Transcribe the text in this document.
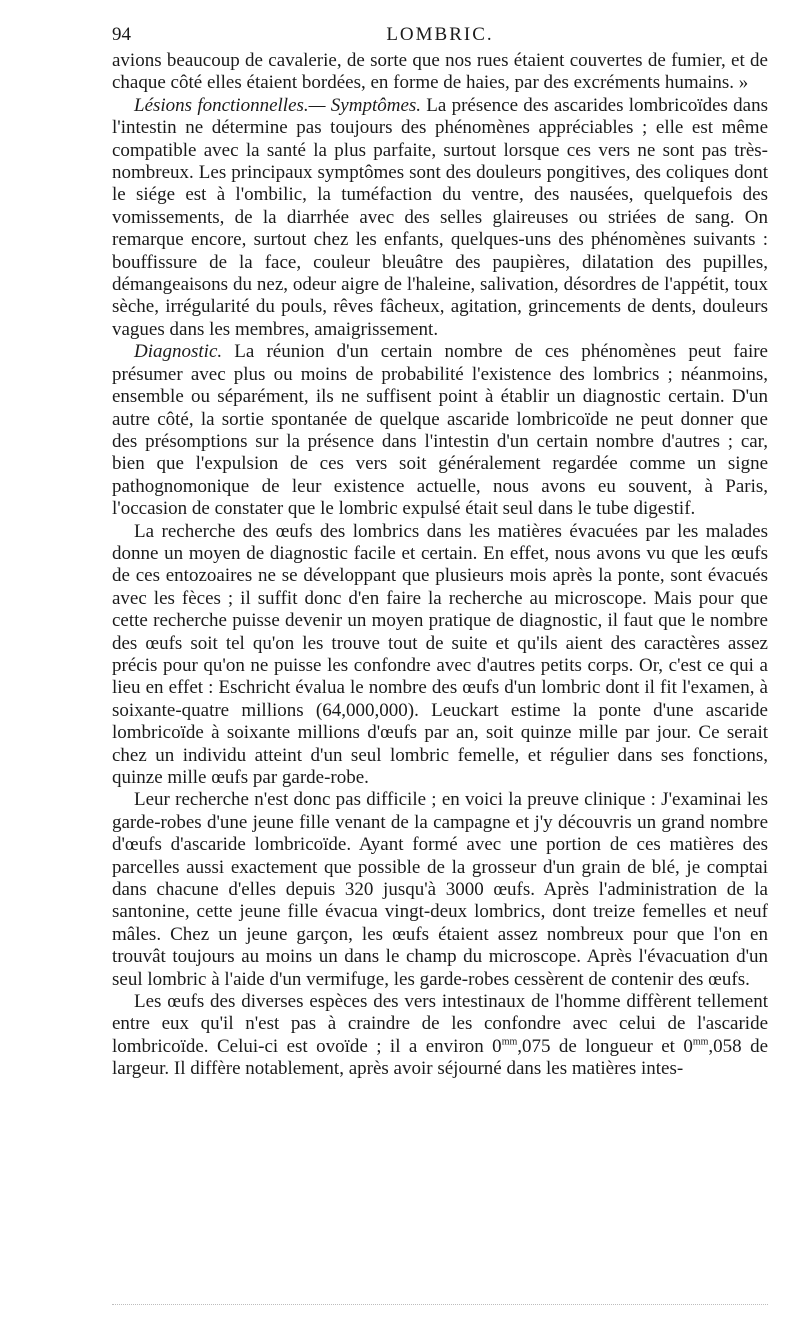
94	LOMBRIC.

avions beaucoup de cavalerie, de sorte que nos rues étaient couvertes de fumier, et de chaque côté elles étaient bordées, en forme de haies, par des excréments humains. »

Lésions fonctionnelles.— Symptômes. La présence des ascarides lombricoïdes dans l'intestin ne détermine pas toujours des phénomènes appréciables ; elle est même compatible avec la santé la plus parfaite, surtout lorsque ces vers ne sont pas très-nombreux. Les principaux symptômes sont des douleurs pongitives, des coliques dont le siége est à l'ombilic, la tuméfaction du ventre, des nausées, quelquefois des vomissements, de la diarrhée avec des selles glaireuses ou striées de sang. On remarque encore, surtout chez les enfants, quelques-uns des phénomènes suivants : bouffissure de la face, couleur bleuâtre des paupières, dilatation des pupilles, démangeaisons du nez, odeur aigre de l'haleine, salivation, désordres de l'appétit, toux sèche, irrégularité du pouls, rêves fâcheux, agitation, grincements de dents, douleurs vagues dans les membres, amaigrissement.

Diagnostic. La réunion d'un certain nombre de ces phénomènes peut faire présumer avec plus ou moins de probabilité l'existence des lombrics ; néanmoins, ensemble ou séparément, ils ne suffisent point à établir un diagnostic certain. D'un autre côté, la sortie spontanée de quelque ascaride lombricoïde ne peut donner que des présomptions sur la présence dans l'intestin d'un certain nombre d'autres ; car, bien que l'expulsion de ces vers soit généralement regardée comme un signe pathognomonique de leur existence actuelle, nous avons eu souvent, à Paris, l'occasion de constater que le lombric expulsé était seul dans le tube digestif.

La recherche des œufs des lombrics dans les matières évacuées par les malades donne un moyen de diagnostic facile et certain. En effet, nous avons vu que les œufs de ces entozoaires ne se développant que plusieurs mois après la ponte, sont évacués avec les fèces ; il suffit donc d'en faire la recherche au microscope. Mais pour que cette recherche puisse devenir un moyen pratique de diagnostic, il faut que le nombre des œufs soit tel qu'on les trouve tout de suite et qu'ils aient des caractères assez précis pour qu'on ne puisse les confondre avec d'autres petits corps. Or, c'est ce qui a lieu en effet : Eschricht évalua le nombre des œufs d'un lombric dont il fit l'examen, à soixante-quatre millions (64,000,000). Leuckart estime la ponte d'une ascaride lombricoïde à soixante millions d'œufs par an, soit quinze mille par jour. Ce serait chez un individu atteint d'un seul lombric femelle, et régulier dans ses fonctions, quinze mille œufs par garde-robe.

Leur recherche n'est donc pas difficile ; en voici la preuve clinique : J'examinai les garde-robes d'une jeune fille venant de la campagne et j'y découvris un grand nombre d'œufs d'ascaride lombricoïde. Ayant formé avec une portion de ces matières des parcelles aussi exactement que possible de la grosseur d'un grain de blé, je comptai dans chacune d'elles depuis 320 jusqu'à 3000 œufs. Après l'administration de la santonine, cette jeune fille évacua vingt-deux lombrics, dont treize femelles et neuf mâles. Chez un jeune garçon, les œufs étaient assez nombreux pour que l'on en trouvât toujours au moins un dans le champ du microscope. Après l'évacuation d'un seul lombric à l'aide d'un vermifuge, les garde-robes cessèrent de contenir des œufs.

Les œufs des diverses espèces des vers intestinaux de l'homme diffèrent tellement entre eux qu'il n'est pas à craindre de les confondre avec celui de l'ascaride lombricoïde. Celui-ci est ovoïde ; il a environ $0^{mm},075$ de longueur et $0^{mm},058$ de largeur. Il diffère notablement, après avoir séjourné dans les matières intes-
